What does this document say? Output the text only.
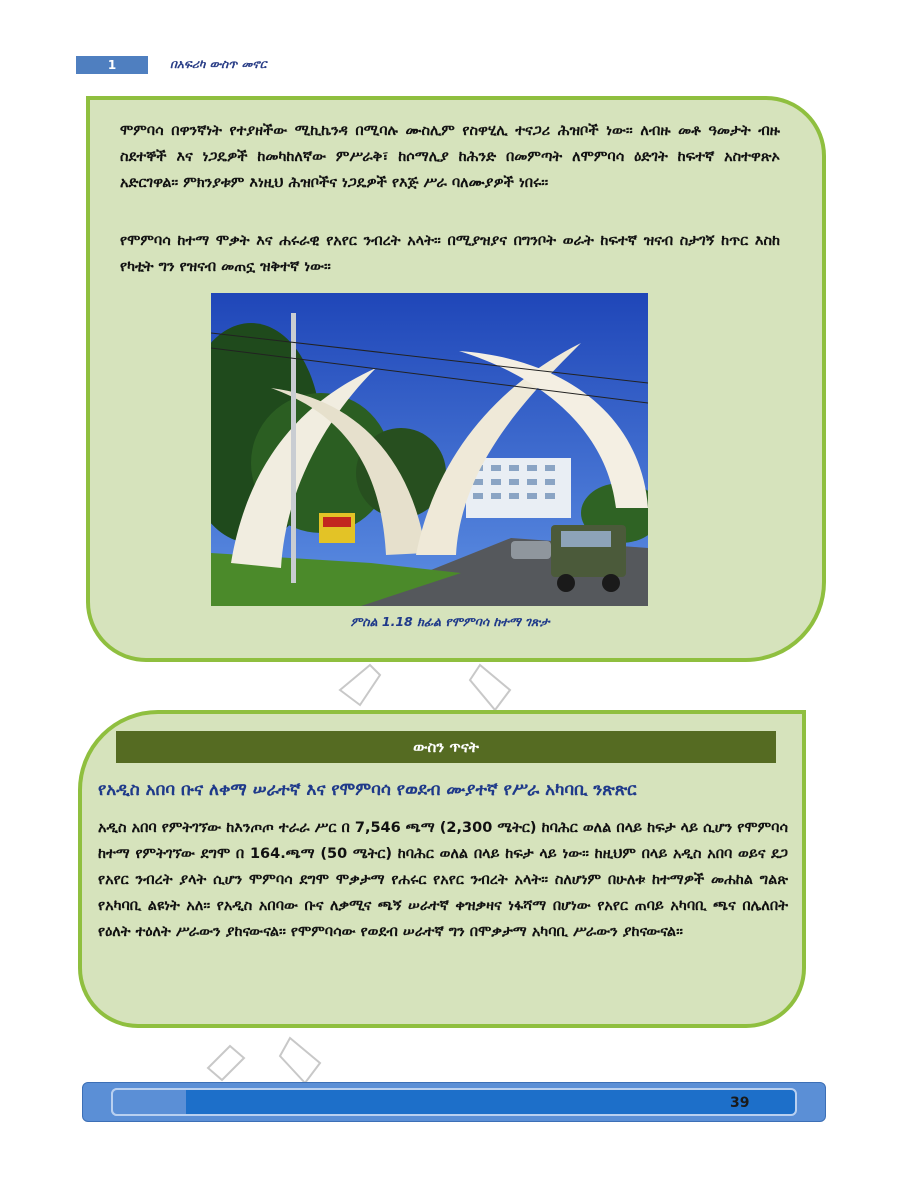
1	በአፍሪካ ውስጥ መኖር
ሞምባሳ በዋንኛነት የተያዘችው ሚኪኬንዳ በሚባሉ ሙስሊም የስዋሂሊ ተናጋሪ ሕዝቦች ነው፡፡ ለብዙ መቶ ዓመታት ብዙ ስደተኞች እና ነጋዴዎች ከመካከለኛው ምሥራቅ፣ ከሶማሊያ ከሕንድ በመምጣት ለሞምባሳ ዕድገት ከፍተኛ አስተዋጽኦ አድርገዋል፡፡ ምክንያቱም እነዚህ ሕዝቦችና ነጋዴዎች የእጅ ሥራ ባለሙያዎች ነበሩ፡፡
የሞምባሳ ከተማ ሞቃት እና ሐሩራዊ የአየር ንብረት አላት፡፡ በሚያዝያና በግንቦት ወራት ከፍተኛ ዝናብ ስታገኝ ከጥር እስከ የካቲት ግን የዝናብ መጠኗ ዝቅተኛ ነው፡፡
ምስል 1.18 ክፊል የሞምባሳ ከተማ ገጽታ
ውስን ጥናት
የአዲስ አበባ ቡና ለቀማ ሠራተኛ እና የሞምባሳ የወደብ ሙያተኛ የሥራ አካባቢ ንጽጽር
አዲስ አበባ የምትገኘው ከእንጦጦ ተራራ ሥር በ 7,546 ጫማ (2,300 ሜትር) ከባሕር ወለል በላይ ከፍታ ላይ ሲሆን የሞምባሳ ከተማ የምትገኘው ደግሞ በ 164.ጫማ (50 ሜትር) ከባሕር ወለል በላይ ከፍታ ላይ ነው፡፡ ከዚህም በላይ አዲስ አበባ ወይና ደጋ የአየር ንብረት ያላት ሲሆን ሞምባሳ ደግሞ ሞቃታማ የሐሩር የአየር ንብረት አላት፡፡ ስለሆነም በሁለቱ ከተማዎች መሐከል ግልጽ የአካባቢ ልዩነት አለ፡፡ የአዲስ አበባው ቡና ለቃሚና ጫኝ ሠራተኛ ቀዝቃዛና ነፋሻማ በሆነው የአየር ጠባይ አካባቢ ጫና በሌለበት የዕለት ተዕለት ሥራውን ያከናውናል፡፡ የሞምባሳው የወደብ ሠራተኛ ግን በሞቃታማ አካባቢ ሥራውን ያከናውናል፡፡
39
